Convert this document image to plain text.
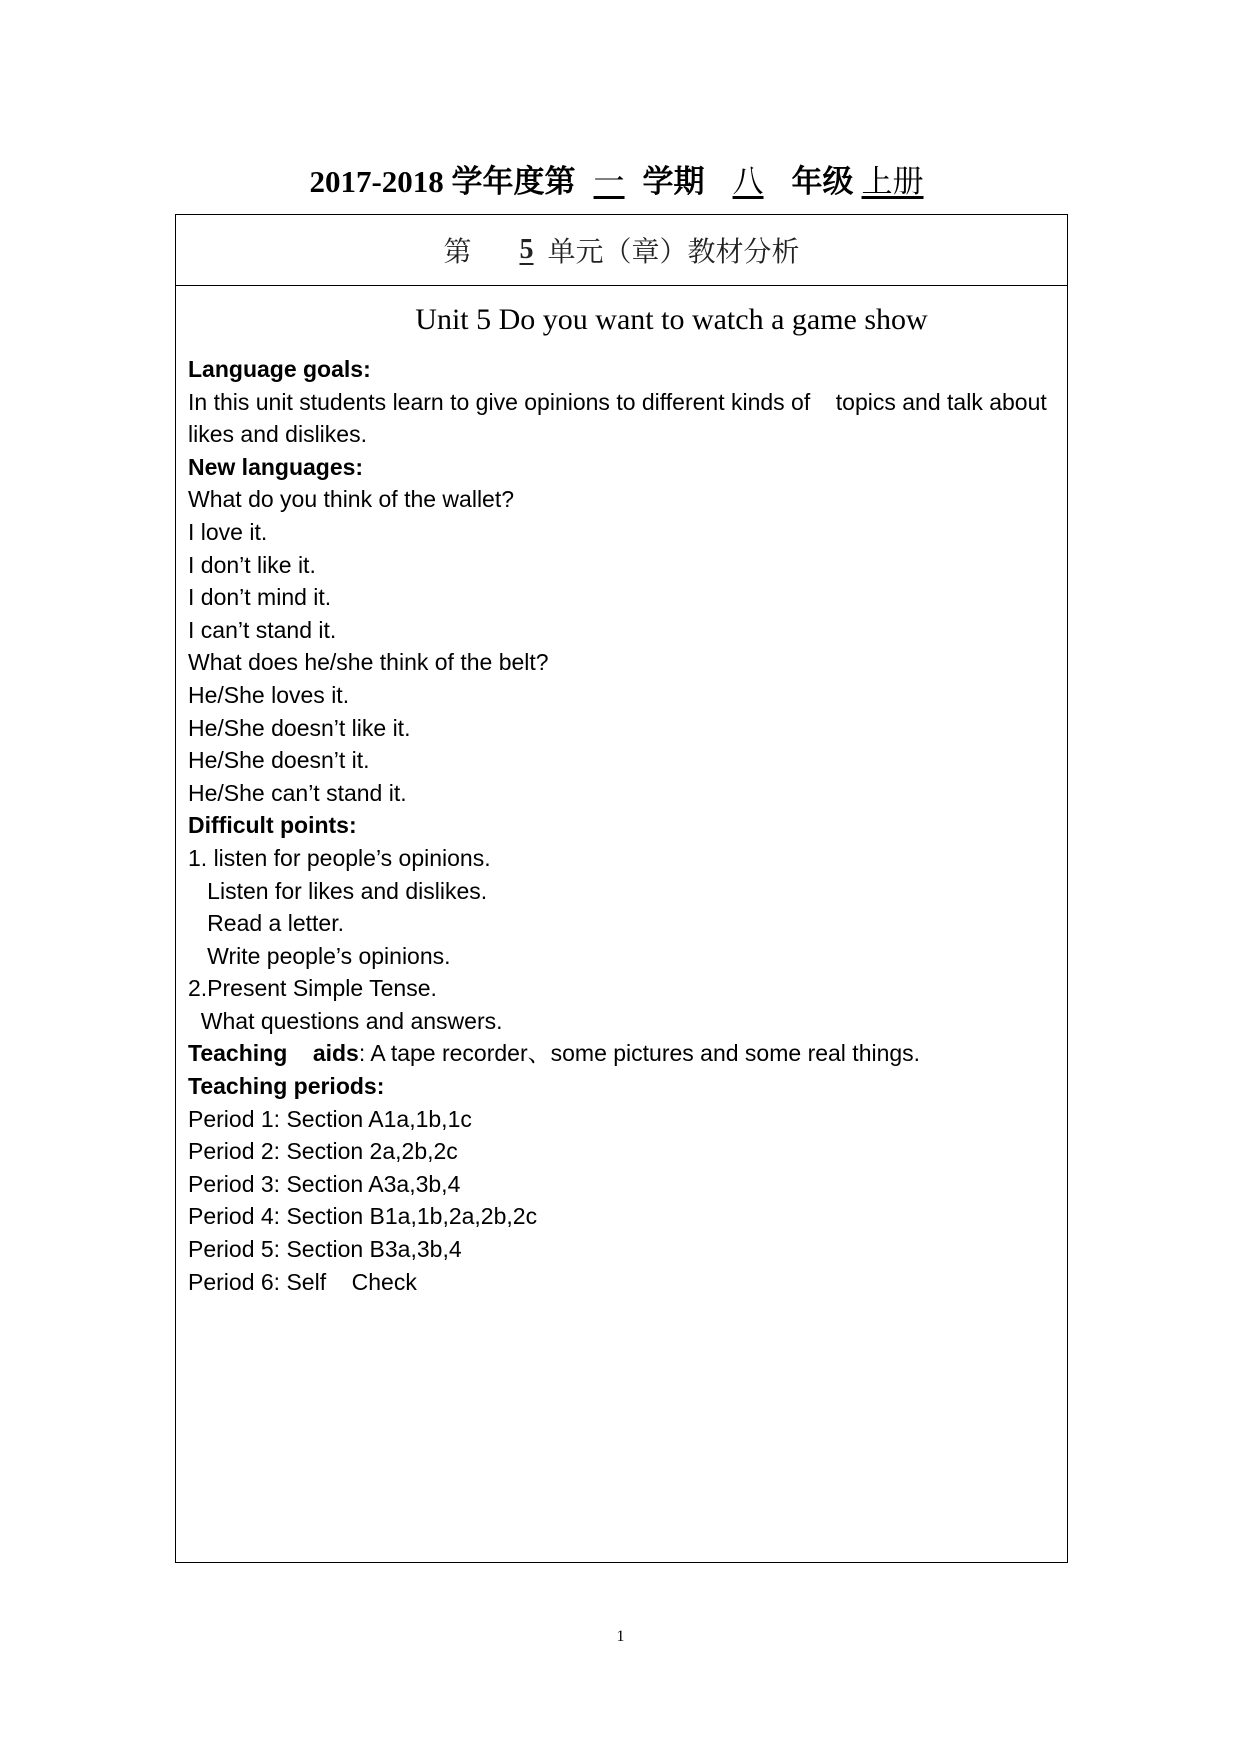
2017-2018 学年度第 一 学期 八 年级 上册
第	5 单元（章）教材分析
Unit 5 Do you want to watch a game show

Language goals:

In this unit students learn to give opinions to different kinds of    topics and talk about likes and dislikes.

New languages:

What do you think of the wallet?

I love it.

I don’t like it.

I don’t mind it.

I can’t stand it.

What does he/she think of the belt?

He/She loves it.

He/She doesn’t like it.

He/She doesn’t it.

He/She can’t stand it.

Difficult points:

1. listen for people’s opinions.

Listen for likes and dislikes.

Read a letter.

Write people’s opinions.

2.Present Simple Tense.

What questions and answers.

Teaching    aids: A tape recorder、some pictures and some real things.

Teaching periods:

Period 1: Section A1a,1b,1c

Period 2: Section 2a,2b,2c

Period 3: Section A3a,3b,4

Period 4: Section B1a,1b,2a,2b,2c

Period 5: Section B3a,3b,4

Period 6: Self    Check

1
